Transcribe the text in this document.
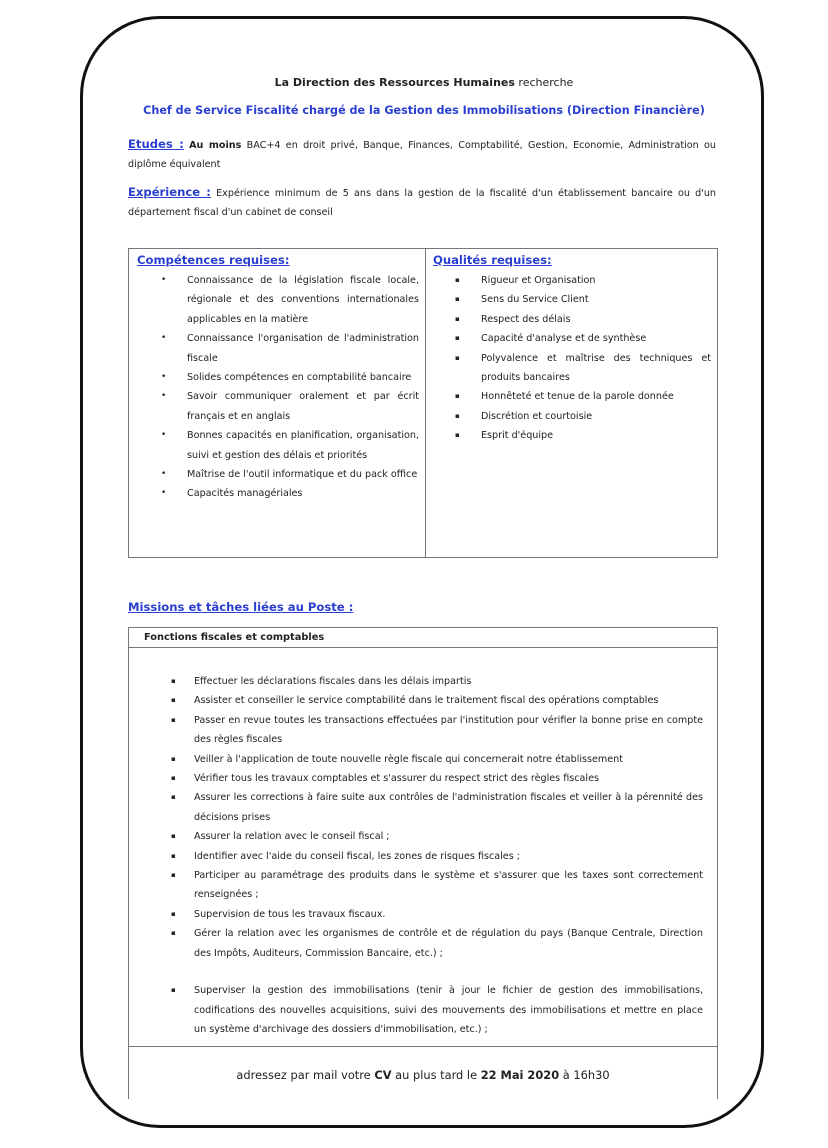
La Direction des Ressources Humaines recherche
Chef de Service Fiscalité chargé de la Gestion des Immobilisations (Direction Financière)
Etudes : Au moins BAC+4 en droit privé, Banque, Finances, Comptabilité, Gestion, Economie, Administration ou diplôme équivalent
Expérience : Expérience minimum de 5 ans dans la gestion de la fiscalité d'un établissement bancaire ou d'un département fiscal d'un cabinet de conseil
Compétences requises:
• Connaissance de la législation fiscale locale, régionale et des conventions internationales applicables en la matière
• Connaissance l'organisation de l'administration fiscale
• Solides compétences en comptabilité bancaire
• Savoir communiquer oralement et par écrit français et en anglais
• Bonnes capacités en planification, organisation, suivi et gestion des délais et priorités
• Maîtrise de l'outil informatique et du pack office
• Capacités managériales
Qualités requises:
▪ Rigueur et Organisation
▪ Sens du Service Client
▪ Respect des délais
▪ Capacité d'analyse et de synthèse
▪ Polyvalence et maîtrise des techniques et produits bancaires
▪ Honnêteté et tenue de la parole donnée
▪ Discrétion et courtoisie
▪ Esprit d'équipe
Missions et tâches liées au Poste :
Fonctions fiscales et comptables
▪ Effectuer les déclarations fiscales dans les délais impartis
▪ Assister et conseiller le service comptabilité dans le traitement fiscal des opérations comptables
▪ Passer en revue toutes les transactions effectuées par l'institution pour vérifier la bonne prise en compte des règles fiscales
▪ Veiller à l'application de toute nouvelle règle fiscale qui concernerait notre établissement
▪ Vérifier tous les travaux comptables et s'assurer du respect strict des règles fiscales
▪ Assurer les corrections à faire suite aux contrôles de l'administration fiscales et veiller à la pérennité des décisions prises
▪ Assurer la relation avec le conseil fiscal ;
▪ Identifier avec l'aide du conseil fiscal, les zones de risques fiscales ;
▪ Participer au paramétrage des produits dans le système et s'assurer que les taxes sont correctement renseignées ;
▪ Supervision de tous les travaux fiscaux.
▪ Gérer la relation avec les organismes de contrôle et de régulation du pays (Banque Centrale, Direction des Impôts, Auditeurs, Commission Bancaire, etc.) ;
▪ Superviser la gestion des immobilisations (tenir à jour le fichier de gestion des immobilisations, codifications des nouvelles acquisitions, suivi des mouvements des immobilisations et mettre en place un système d'archivage des dossiers d'immobilisation, etc.) ;
adressez par mail votre CV au plus tard le 22 Mai 2020 à 16h30
